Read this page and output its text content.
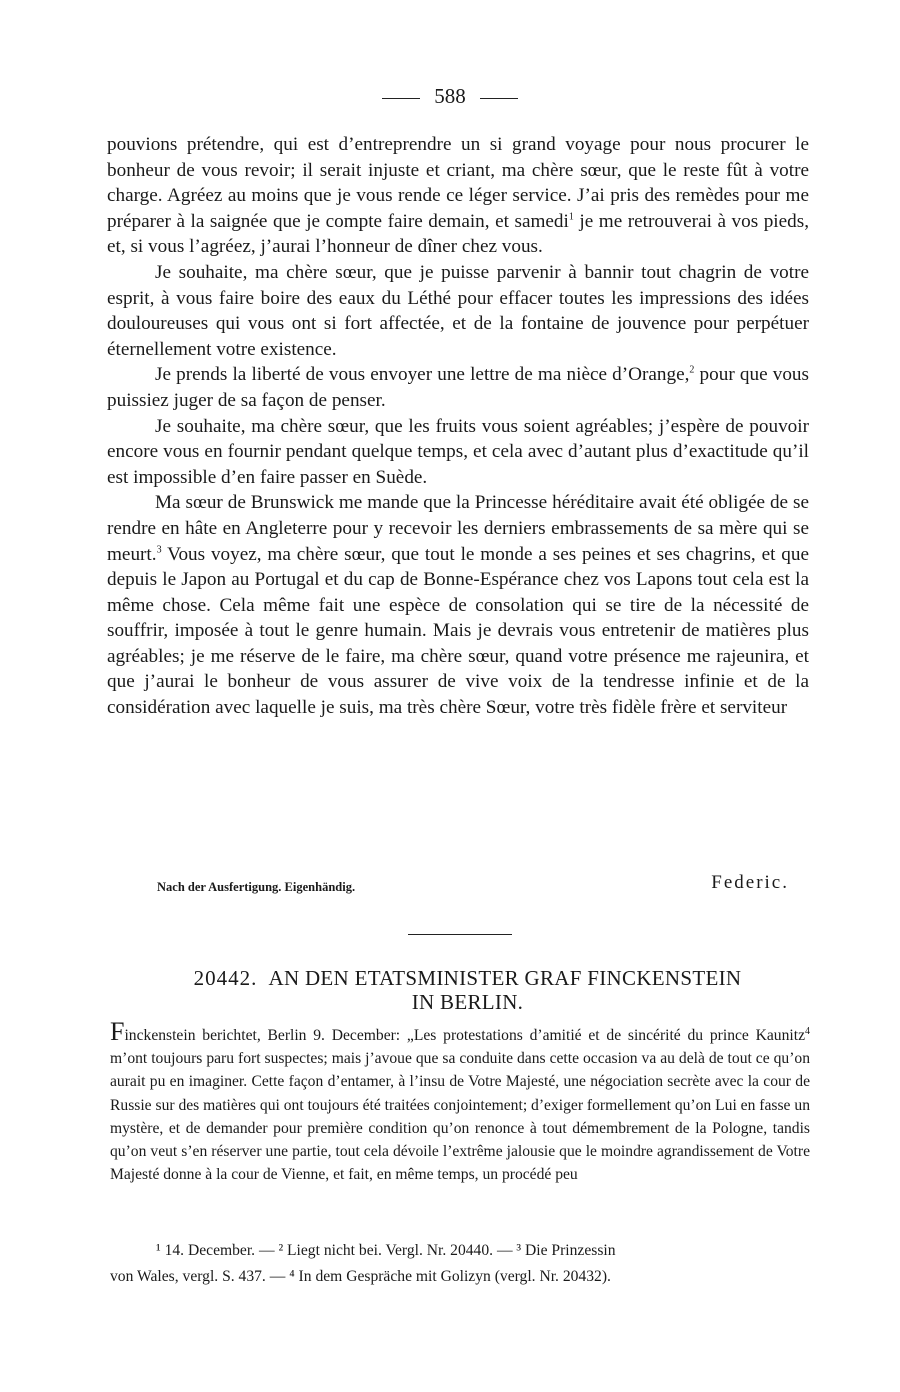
588

pouvions prétendre, qui est d’entreprendre un si grand voyage pour nous procurer le bonheur de vous revoir; il serait injuste et criant, ma chère sœur, que le reste fût à votre charge. Agréez au moins que je vous rende ce léger service. J’ai pris des remèdes pour me préparer à la saignée que je compte faire demain, et samedi$^1$ je me retrouverai à vos pieds, et, si vous l’agréez, j’aurai l’honneur de dîner chez vous.

Je souhaite, ma chère sœur, que je puisse parvenir à bannir tout chagrin de votre esprit, à vous faire boire des eaux du Léthé pour effacer toutes les impressions des idées douloureuses qui vous ont si fort affectée, et de la fontaine de jouvence pour perpétuer éternellement votre existence.

Je prends la liberté de vous envoyer une lettre de ma nièce d’Orange,$^2$ pour que vous puissiez juger de sa façon de penser.

Je souhaite, ma chère sœur, que les fruits vous soient agréables; j’espère de pouvoir encore vous en fournir pendant quelque temps, et cela avec d’autant plus d’exactitude qu’il est impossible d’en faire passer en Suède.

Ma sœur de Brunswick me mande que la Princesse héréditaire avait été obligée de se rendre en hâte en Angleterre pour y recevoir les derniers embrassements de sa mère qui se meurt.$^3$ Vous voyez, ma chère sœur, que tout le monde a ses peines et ses chagrins, et que depuis le Japon au Portugal et du cap de Bonne-Espérance chez vos Lapons tout cela est la même chose. Cela même fait une espèce de consolation qui se tire de la nécessité de souffrir, imposée à tout le genre humain. Mais je devrais vous entretenir de matières plus agréables; je me réserve de le faire, ma chère sœur, quand votre présence me rajeunira, et que j’aurai le bonheur de vous assurer de vive voix de la tendresse infinie et de la considération avec laquelle je suis, ma très chère Sœur, votre très fidèle frère et serviteur

Nach der Ausfertigung. Eigenhändig.	Federic.
20442. AN DEN ETATSMINISTER GRAF FINCKENSTEIN
IN BERLIN.
Finckenstein berichtet, Berlin 9. December: „Les protestations d’amitié et de sincérité du prince Kaunitz$^4$ m’ont toujours paru fort suspectes; mais j’avoue que sa conduite dans cette occasion va au delà de tout ce qu’on aurait pu en imaginer. Cette façon d’entamer, à l’insu de Votre Majesté, une négociation secrète avec la cour de Russie sur des matières qui ont toujours été traitées conjointement; d’exiger formellement qu’on Lui en fasse un mystère, et de demander pour première condition qu’on renonce à tout démembrement de la Pologne, tandis qu’on veut s’en réserver une partie, tout cela dévoile l’extrême jalousie que le moindre agrandissement de Votre Majesté donne à la cour de Vienne, et fait, en même temps, un procédé peu
¹ 14. December. — ² Liegt nicht bei. Vergl. Nr. 20440. — ³ Die Prinzessin
von Wales, vergl. S. 437. — ⁴ In dem Gespräche mit Golizyn (vergl. Nr. 20432).
